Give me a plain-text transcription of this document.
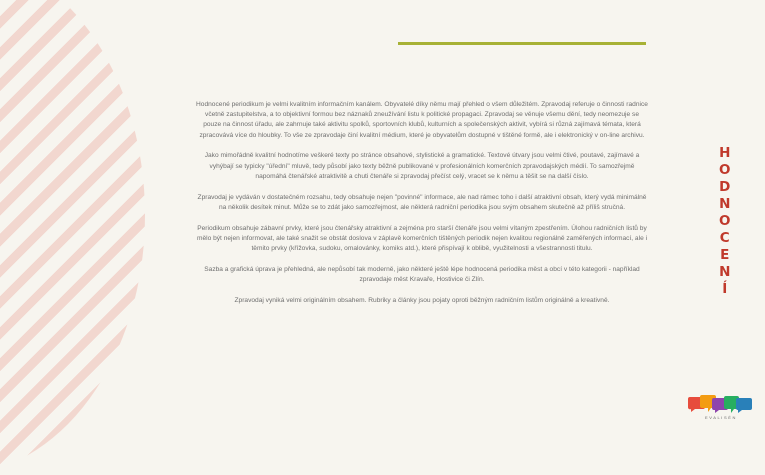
Hodnocené periodikum je velmi kvalitním informačním kanálem. Obyvatelé díky němu mají přehled o všem důležitém. Zpravodaj referuje o činnosti radnice včetně zastupitelstva, a to objektivní formou bez náznaků zneužívání listu k politické propagaci. Zpravodaj se věnuje všemu dění, tedy neomezuje se pouze na činnost úřadu, ale zahrnuje také aktivitu spolků, sportovních klubů, kulturních a společenských aktivit, vybírá si různá zajímavá témata, která zpracovává více do hloubky. To vše ze zpravodaje činí kvalitní médium, které je obyvatelům dostupné v tištěné formě, ale i elektronický v on-line archivu.

Jako mimořádně kvalitní hodnotíme veškeré texty po stránce obsahové, stylistické a gramatické. Textové útvary jsou velmi čtivé, poutavé, zajímavé a vyhýbají se typicky "úřední" mluvě, tedy působí jako texty běžně publikované v profesionálních komerčních zpravodajských médií. To samozřejmě napomáhá čtenářské atraktivitě a chuti čtenáře si zpravodaj přečíst celý, vracet se k němu a těšit se na další číslo.

Zpravodaj je vydáván v dostatečném rozsahu, tedy obsahuje nejen "povinné" informace, ale nad rámec toho i další atraktivní obsah, který vydá minimálně na několik desítek minut. Může se to zdát jako samozřejmost, ale některá radniční periodika jsou svým obsahem skutečně až příliš stručná.

Periodikum obsahuje zábavní prvky, které jsou čtenářsky atraktivní a zejména pro starší čtenáře jsou velmi vítaným zpestřením. Úlohou radničních listů by mělo být nejen informovat, ale také snažit se obstát doslova v záplavě komerčních tištěných periodik nejen kvalitou regionálně zaměřených informací, ale i těmito prvky (křížovka, sudoku, omalovánky, komiks atd.), které přispívají k oblibě, využitelnosti a všestrannosti titulu.

Sazba a grafická úprava je přehledná, ale nepůsobí tak moderně, jako některé ještě lépe hodnocená periodika měst a obcí v této kategorii - například zpravodaje měst Kravaře, Hostivice či Zlín.

Zpravodaj vyniká velmi originálním obsahem. Rubriky a články jsou pojaty oproti běžným radničním listům originálně a kreativně.

HODNOCENÍ
EVALISÉN
